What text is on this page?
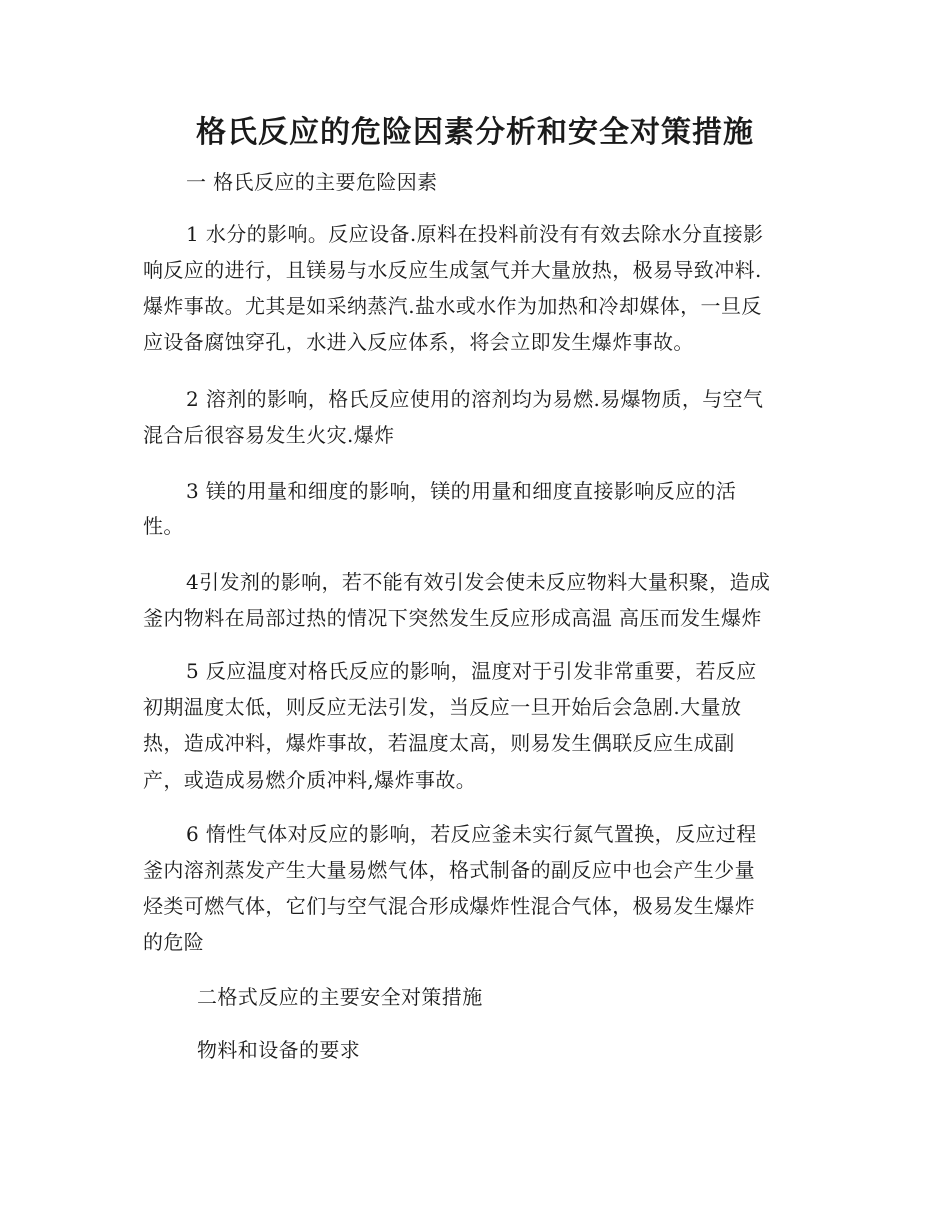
格氏反应的危险因素分析和安全对策措施
一 格氏反应的主要危险因素
1 水分的影响。反应设备.原料在投料前没有有效去除水分直接影
响反应的进行，且镁易与水反应生成氢气并大量放热，极易导致冲料.
爆炸事故。尤其是如采纳蒸汽.盐水或水作为加热和冷却媒体，一旦反
应设备腐蚀穿孔，水进入反应体系，将会立即发生爆炸事故。
2 溶剂的影响，格氏反应使用的溶剂均为易燃.易爆物质，与空气
混合后很容易发生火灾.爆炸
3 镁的用量和细度的影响，镁的用量和细度直接影响反应的活
性。
4引发剂的影响，若不能有效引发会使未反应物料大量积聚，造成
釜内物料在局部过热的情况下突然发生反应形成高温 高压而发生爆炸
5 反应温度对格氏反应的影响，温度对于引发非常重要，若反应
初期温度太低，则反应无法引发，当反应一旦开始后会急剧.大量放
热，造成冲料，爆炸事故，若温度太高，则易发生偶联反应生成副
产，或造成易燃介质冲料,爆炸事故。
6 惰性气体对反应的影响，若反应釜未实行氮气置换，反应过程
釜内溶剂蒸发产生大量易燃气体，格式制备的副反应中也会产生少量
烃类可燃气体，它们与空气混合形成爆炸性混合气体，极易发生爆炸
的危险
二格式反应的主要安全对策措施
物料和设备的要求
